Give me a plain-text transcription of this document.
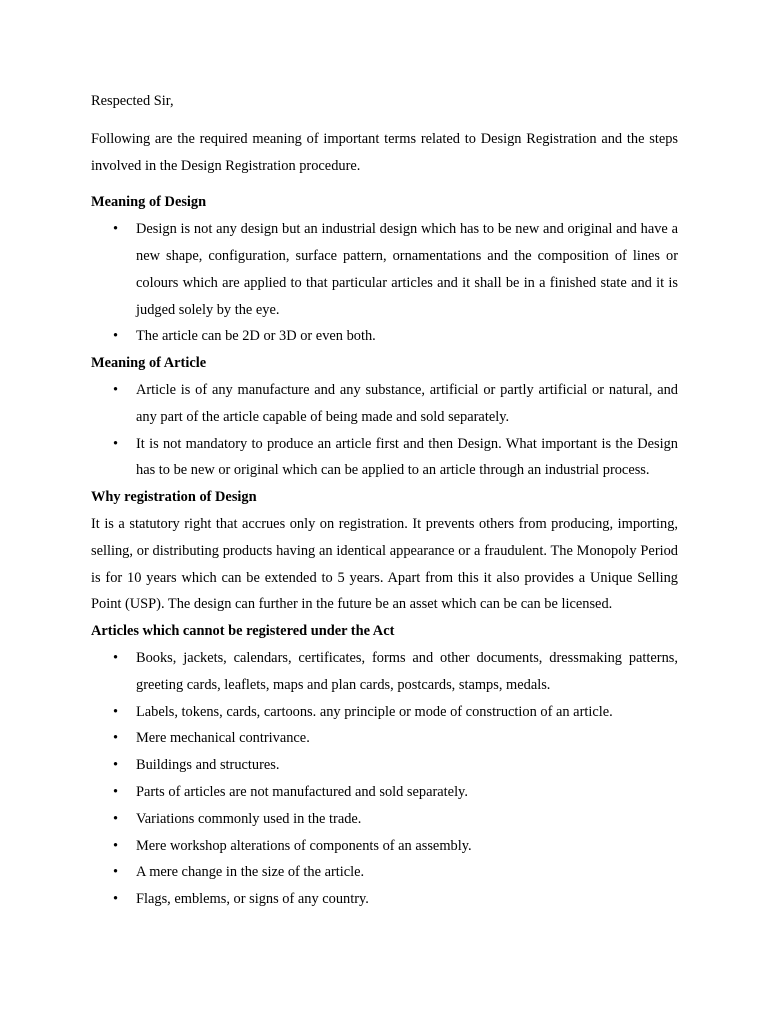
Respected Sir,

Following are the required meaning of important terms related to Design Registration and the steps involved in the Design Registration procedure.

Meaning of Design
• Design is not any design but an industrial design which has to be new and original and have a new shape, configuration, surface pattern, ornamentations and the composition of lines or colours which are applied to that particular articles and it shall be in a finished state and it is judged solely by the eye.
• The article can be 2D or 3D or even both.
Meaning of Article
• Article is of any manufacture and any substance, artificial or partly artificial or natural, and any part of the article capable of being made and sold separately.
• It is not mandatory to produce an article first and then Design. What important is the Design has to be new or original which can be applied to an article through an industrial process.
Why registration of Design

It is a statutory right that accrues only on registration. It prevents others from producing, importing, selling, or distributing products having an identical appearance or a fraudulent. The Monopoly Period is for 10 years which can be extended to 5 years. Apart from this it also provides a Unique Selling Point (USP). The design can further in the future be an asset which can be can be licensed.

Articles which cannot be registered under the Act
• Books, jackets, calendars, certificates, forms and other documents, dressmaking patterns, greeting cards, leaflets, maps and plan cards, postcards, stamps, medals.
• Labels, tokens, cards, cartoons. any principle or mode of construction of an article.
• Mere mechanical contrivance.
• Buildings and structures.
• Parts of articles are not manufactured and sold separately.
• Variations commonly used in the trade.
• Mere workshop alterations of components of an assembly.
• A mere change in the size of the article.
• Flags, emblems, or signs of any country.
